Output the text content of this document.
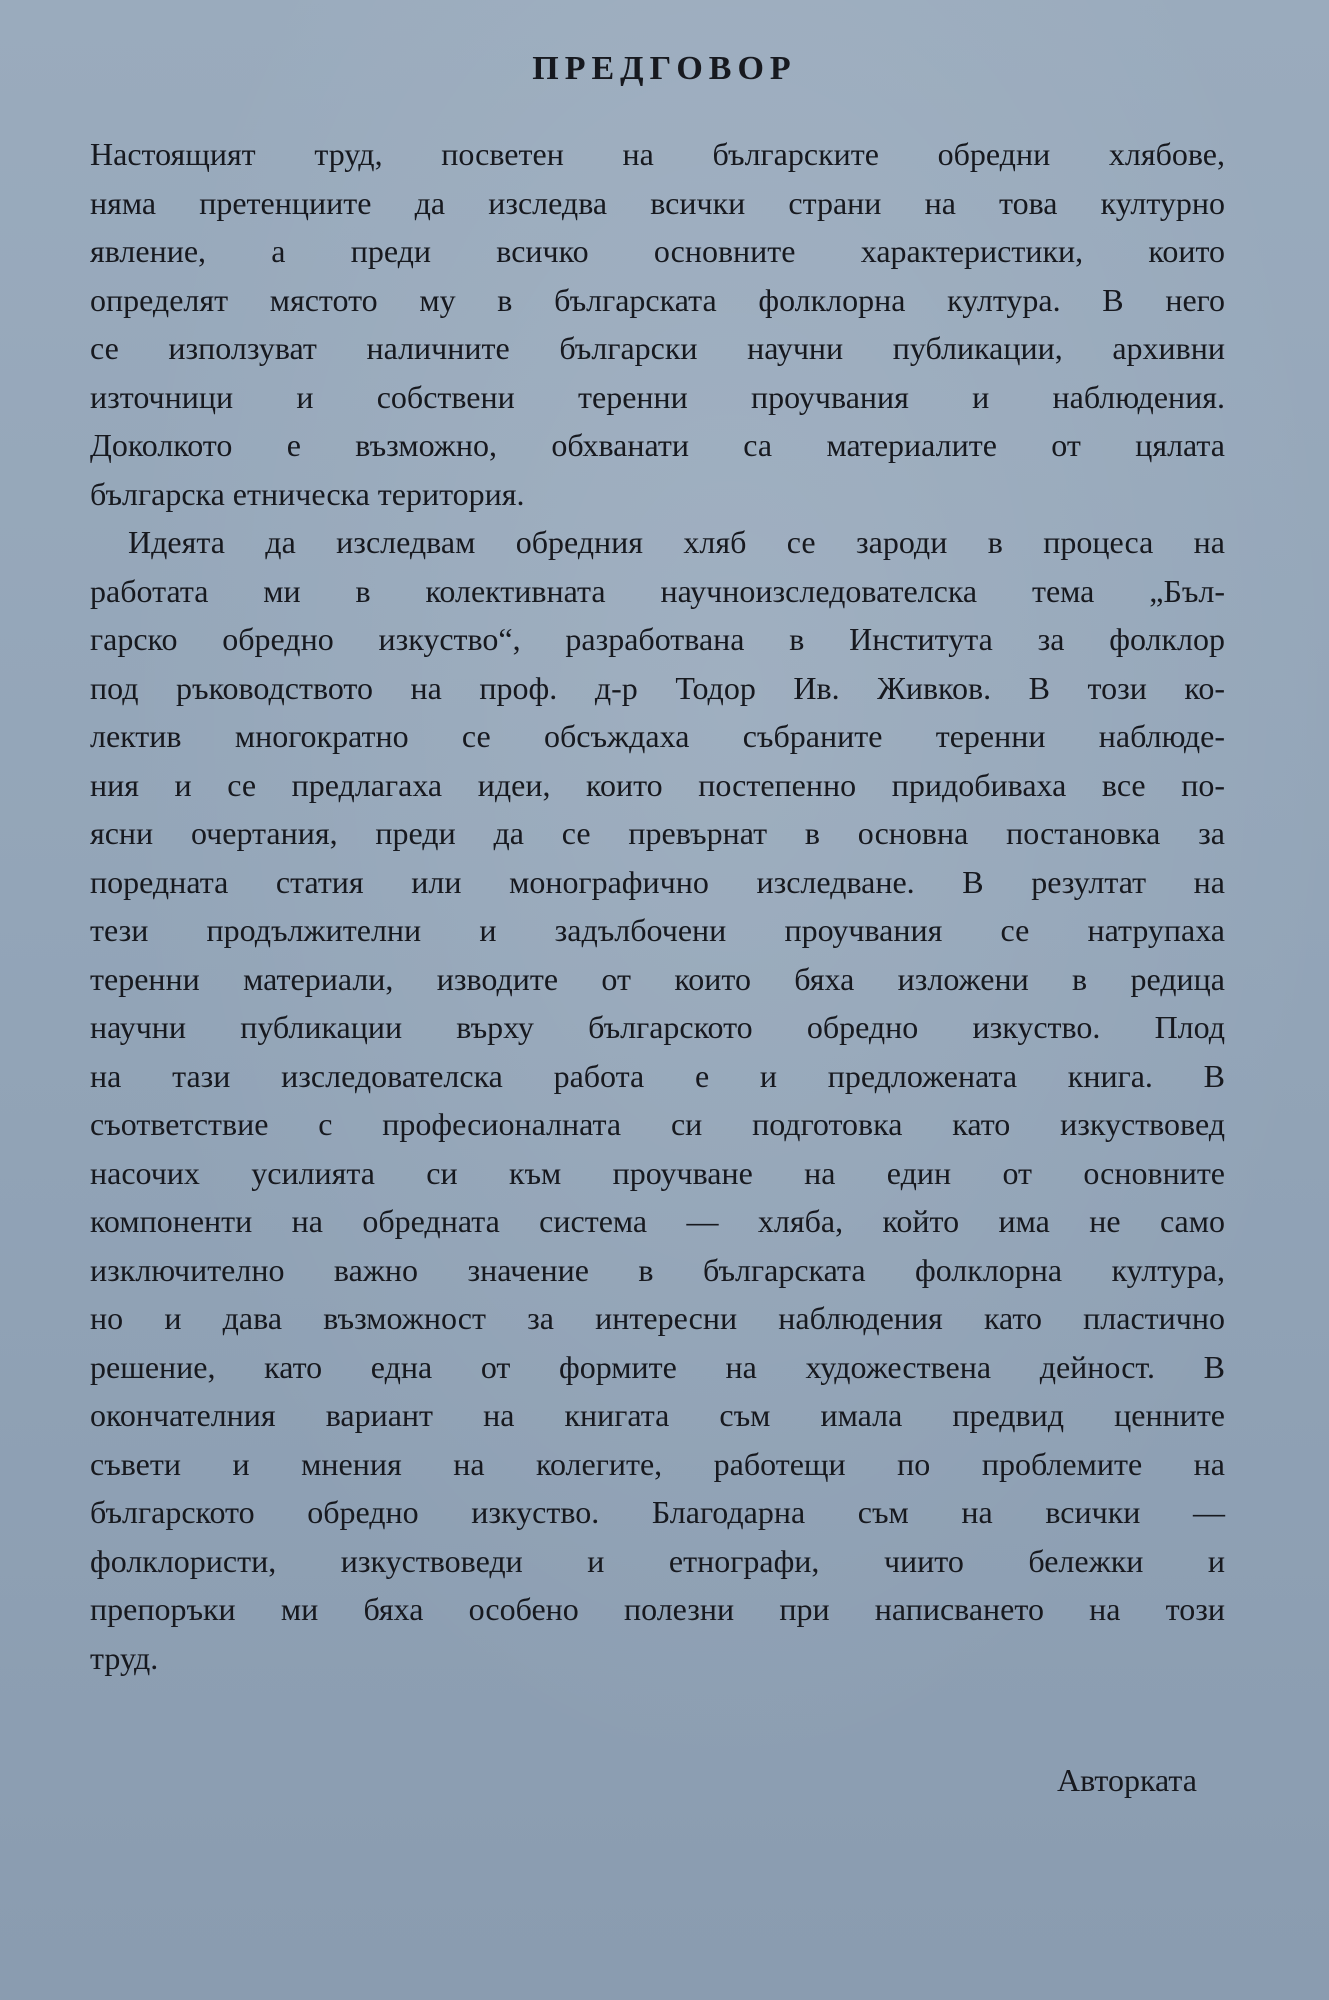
ПРЕДГОВОР
Настоящият труд, посветен на българските обредни хлябове,
няма претенциите да изследва всички страни на това културно
явление, а преди всичко основните характеристики, които
определят мястото му в българската фолклорна култура. В него
се използуват наличните български научни публикации, архивни
източници и собствени теренни проучвания и наблюдения.
Доколкото е възможно, обхванати са материалите от цялата
българска етническа територия.
Идеята да изследвам обредния хляб се зароди в процеса на
работата ми в колективната научноизследователска тема „Бъл-
гарско обредно изкуство“, разработвана в Института за фолклор
под ръководството на проф. д-р Тодор Ив. Живков. В този ко-
лектив многократно се обсъждаха събраните теренни наблюде-
ния и се предлагаха идеи, които постепенно придобиваха все по-
ясни очертания, преди да се превърнат в основна постановка за
поредната статия или монографично изследване. В резултат на
тези продължителни и задълбочени проучвания се натрупаха
теренни материали, изводите от които бяха изложени в редица
научни публикации върху българското обредно изкуство. Плод
на тази изследователска работа е и предложената книга. В
съответствие с професионалната си подготовка като изкуствовед
насочих усилията си към проучване на един от основните
компоненти на обредната система — хляба, който има не само
изключително важно значение в българската фолклорна култура,
но и дава възможност за интересни наблюдения като пластично
решение, като една от формите на художествена дейност. В
окончателния вариант на книгата съм имала предвид ценните
съвети и мнения на колегите, работещи по проблемите на
българското обредно изкуство. Благодарна съм на всички —
фолклористи, изкуствоведи и етнографи, чиито бележки и
препоръки ми бяха особено полезни при написването на този
труд.
Авторката
